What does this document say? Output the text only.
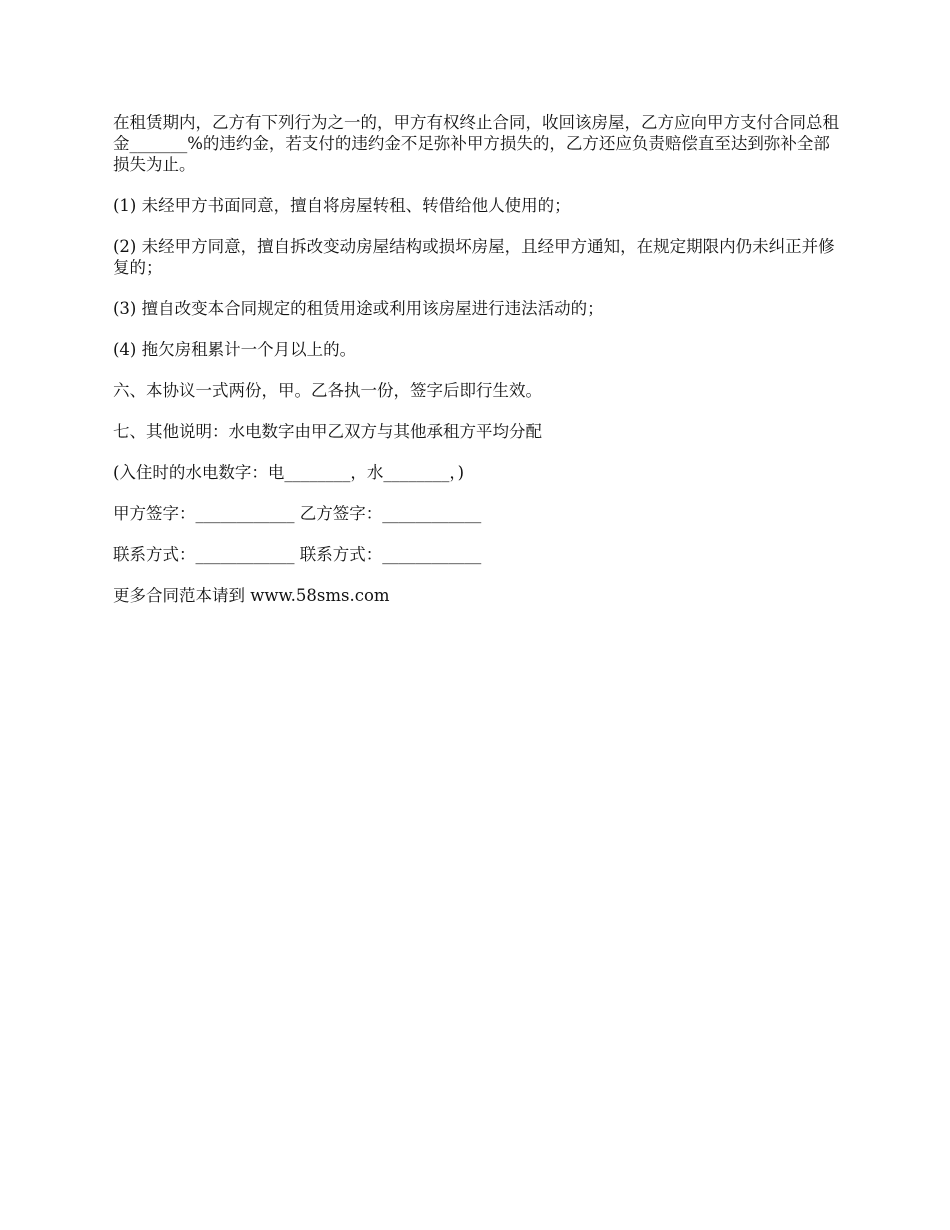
在租赁期内，乙方有下列行为之一的，甲方有权终止合同，收回该房屋，乙方应向甲方支付合同总租金_______%的违约金，若支付的违约金不足弥补甲方损失的，乙方还应负责赔偿直至达到弥补全部损失为止。

(1) 未经甲方书面同意，擅自将房屋转租、转借给他人使用的；

(2) 未经甲方同意，擅自拆改变动房屋结构或损坏房屋，且经甲方通知，在规定期限内仍未纠正并修复的；

(3) 擅自改变本合同规定的租赁用途或利用该房屋进行违法活动的；

(4) 拖欠房租累计一个月以上的。

六、本协议一式两份，甲。乙各执一份，签字后即行生效。

七、其他说明：水电数字由甲乙双方与其他承租方平均分配

(入住时的水电数字：电________，水________，)

甲方签字：____________ 乙方签字：____________

联系方式：____________ 联系方式：____________

更多合同范本请到 www.58sms.com
